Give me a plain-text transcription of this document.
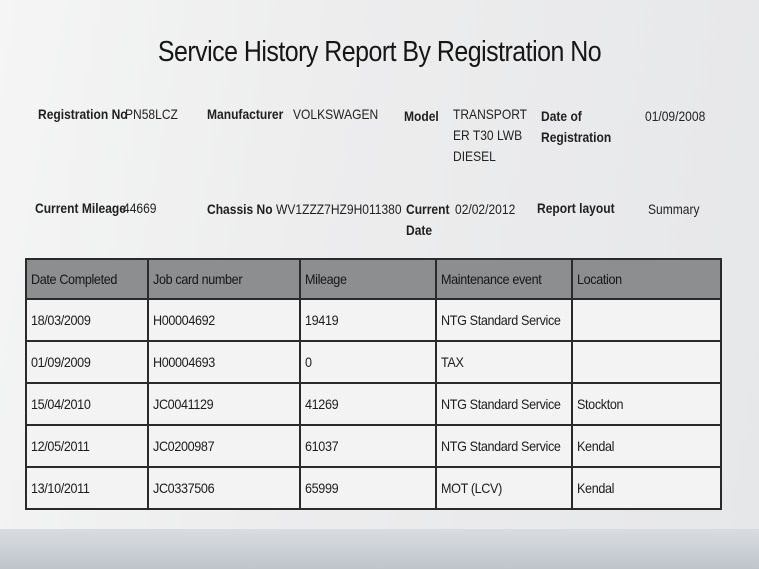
Service History Report By Registration No
Registration No
PN58LCZ Manufacturer VOLKSWAGEN Model TRANSPORT
ER T30 LWB
DIESEL
Date of
Registration
01/09/2008
Current Mileage
44669	Chassis No WV1ZZZ7HZ9H011380 Current
Date
02/02/2012 Report layout Summary
Date Completed	Job card number	Mileage	Maintenance event	Location
18/03/2009	H00004692	19419	NTG Standard Service	
01/09/2009	H00004693	0	TAX	
15/04/2010	JC0041129	41269	NTG Standard Service	Stockton
12/05/2011	JC0200987	61037	NTG Standard Service	Kendal
13/10/2011	JC0337506	65999	MOT (LCV)	Kendal
